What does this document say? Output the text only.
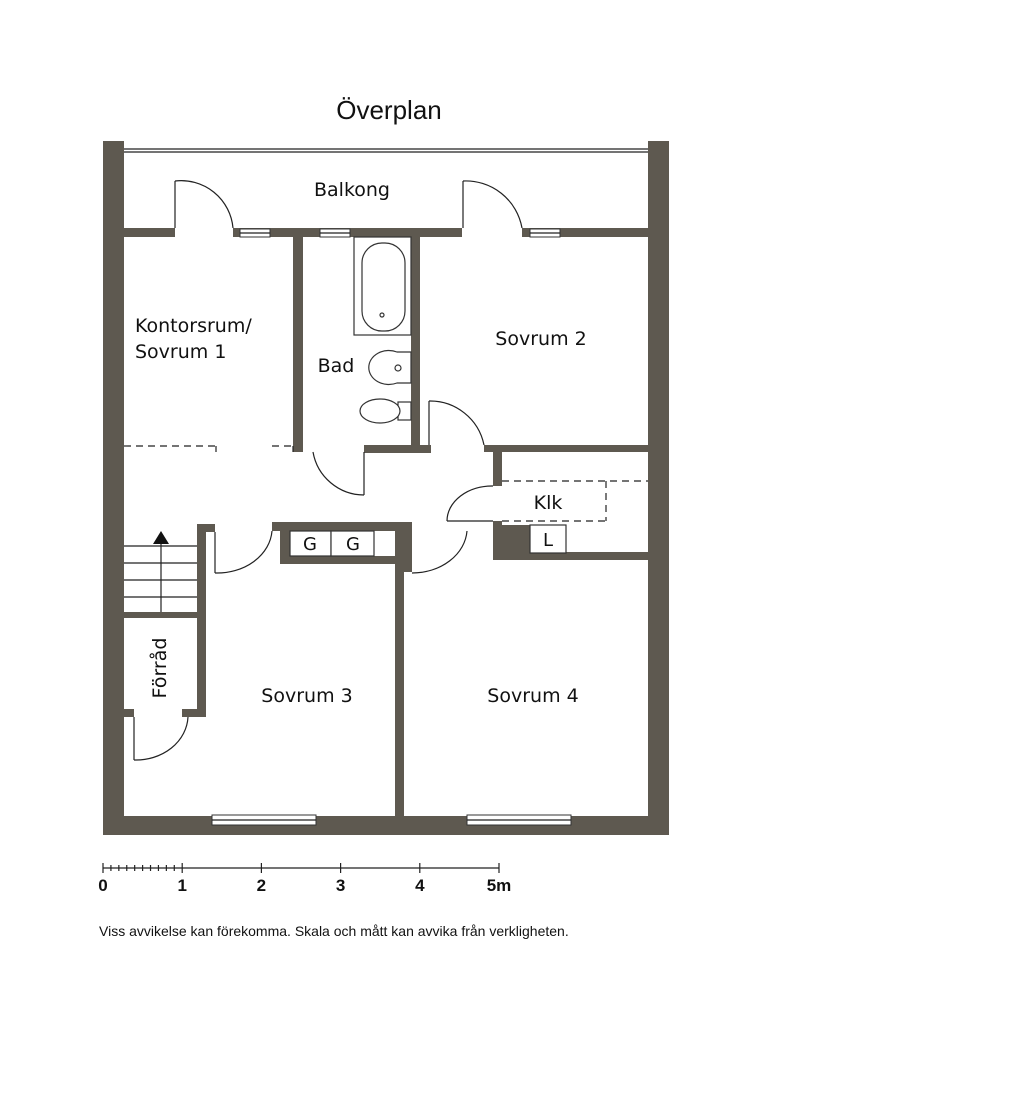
Överplan
Balkong
Kontorsrum/
Sovrum 1
Bad
Sovrum 2
Klk
L
G G
Förråd	Sovrum 3	Sovrum 4
0	1	2	3	4	5m
Viss avvikelse kan förekomma. Skala och mått kan avvika från verkligheten.
